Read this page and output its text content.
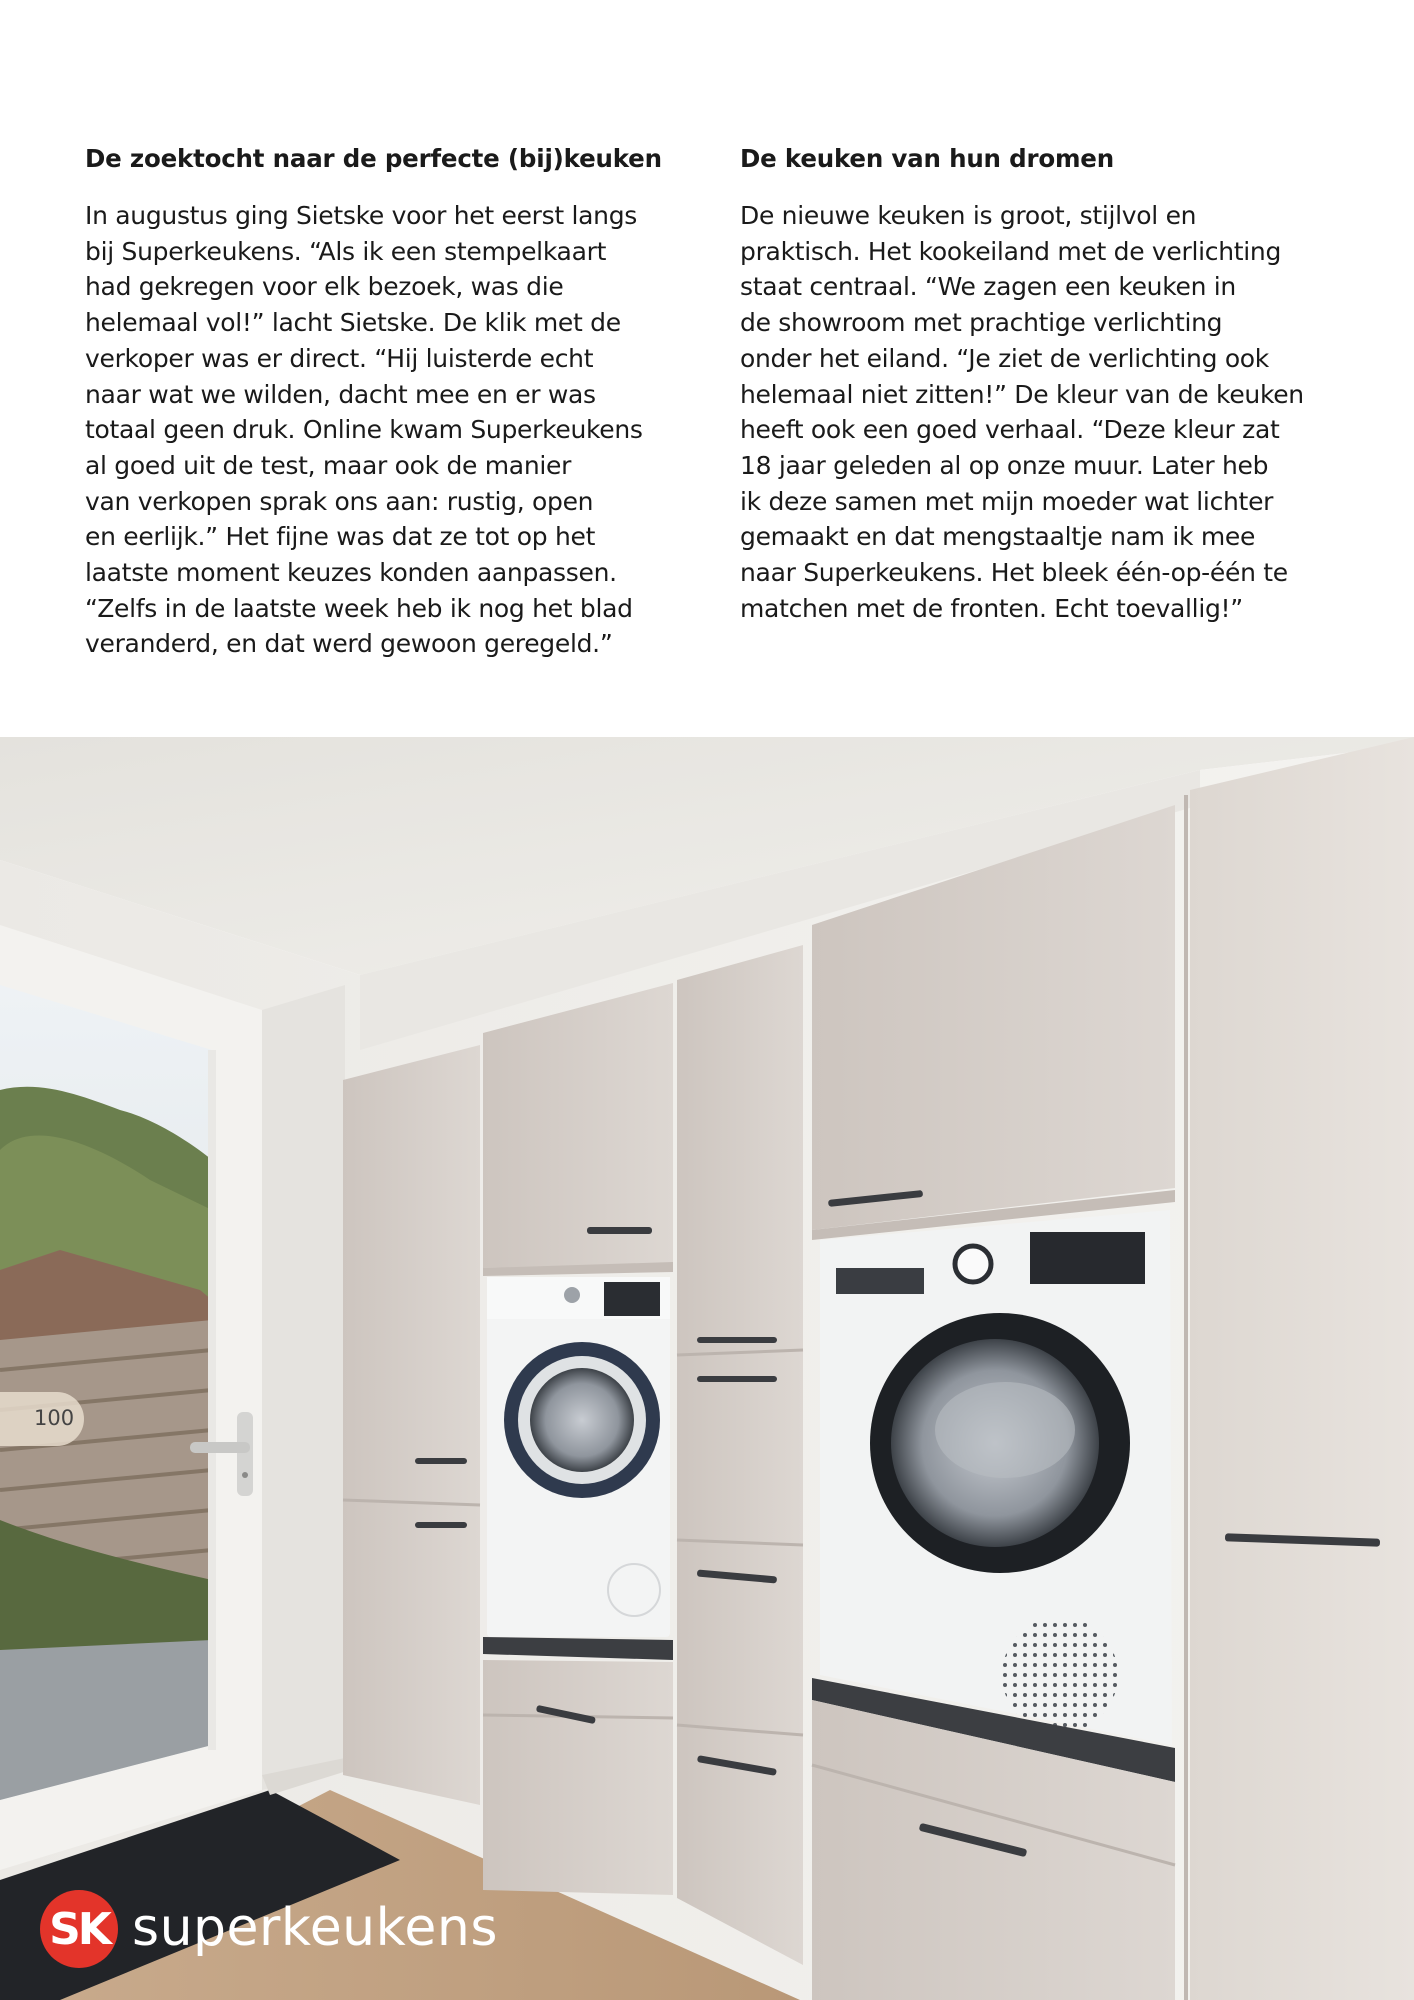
De zoektocht naar de perfecte (bij)keuken

In augustus ging Sietske voor het eerst langs
bij Superkeukens. “Als ik een stempelkaart
had gekregen voor elk bezoek, was die
helemaal vol!” lacht Sietske. De klik met de
verkoper was er direct. “Hij luisterde echt
naar wat we wilden, dacht mee en er was
totaal geen druk. Online kwam Superkeukens
al goed uit de test, maar ook de manier
van verkopen sprak ons aan: rustig, open
en eerlijk.” Het fijne was dat ze tot op het
laatste moment keuzes konden aanpassen.
“Zelfs in de laatste week heb ik nog het blad
veranderd, en dat werd gewoon geregeld.”

De keuken van hun dromen

De nieuwe keuken is groot, stijlvol en
praktisch. Het kookeiland met de verlichting
staat centraal. “We zagen een keuken in
de showroom met prachtige verlichting
onder het eiland. “Je ziet de verlichting ook
helemaal niet zitten!” De kleur van de keuken
heeft ook een goed verhaal. “Deze kleur zat
18 jaar geleden al op onze muur. Later heb
ik deze samen met mijn moeder wat lichter
gemaakt en dat mengstaaltje nam ik mee
naar Superkeukens. Het bleek één-op-één te
matchen met de fronten. Echt toevallig!”

100
SK superkeukens
